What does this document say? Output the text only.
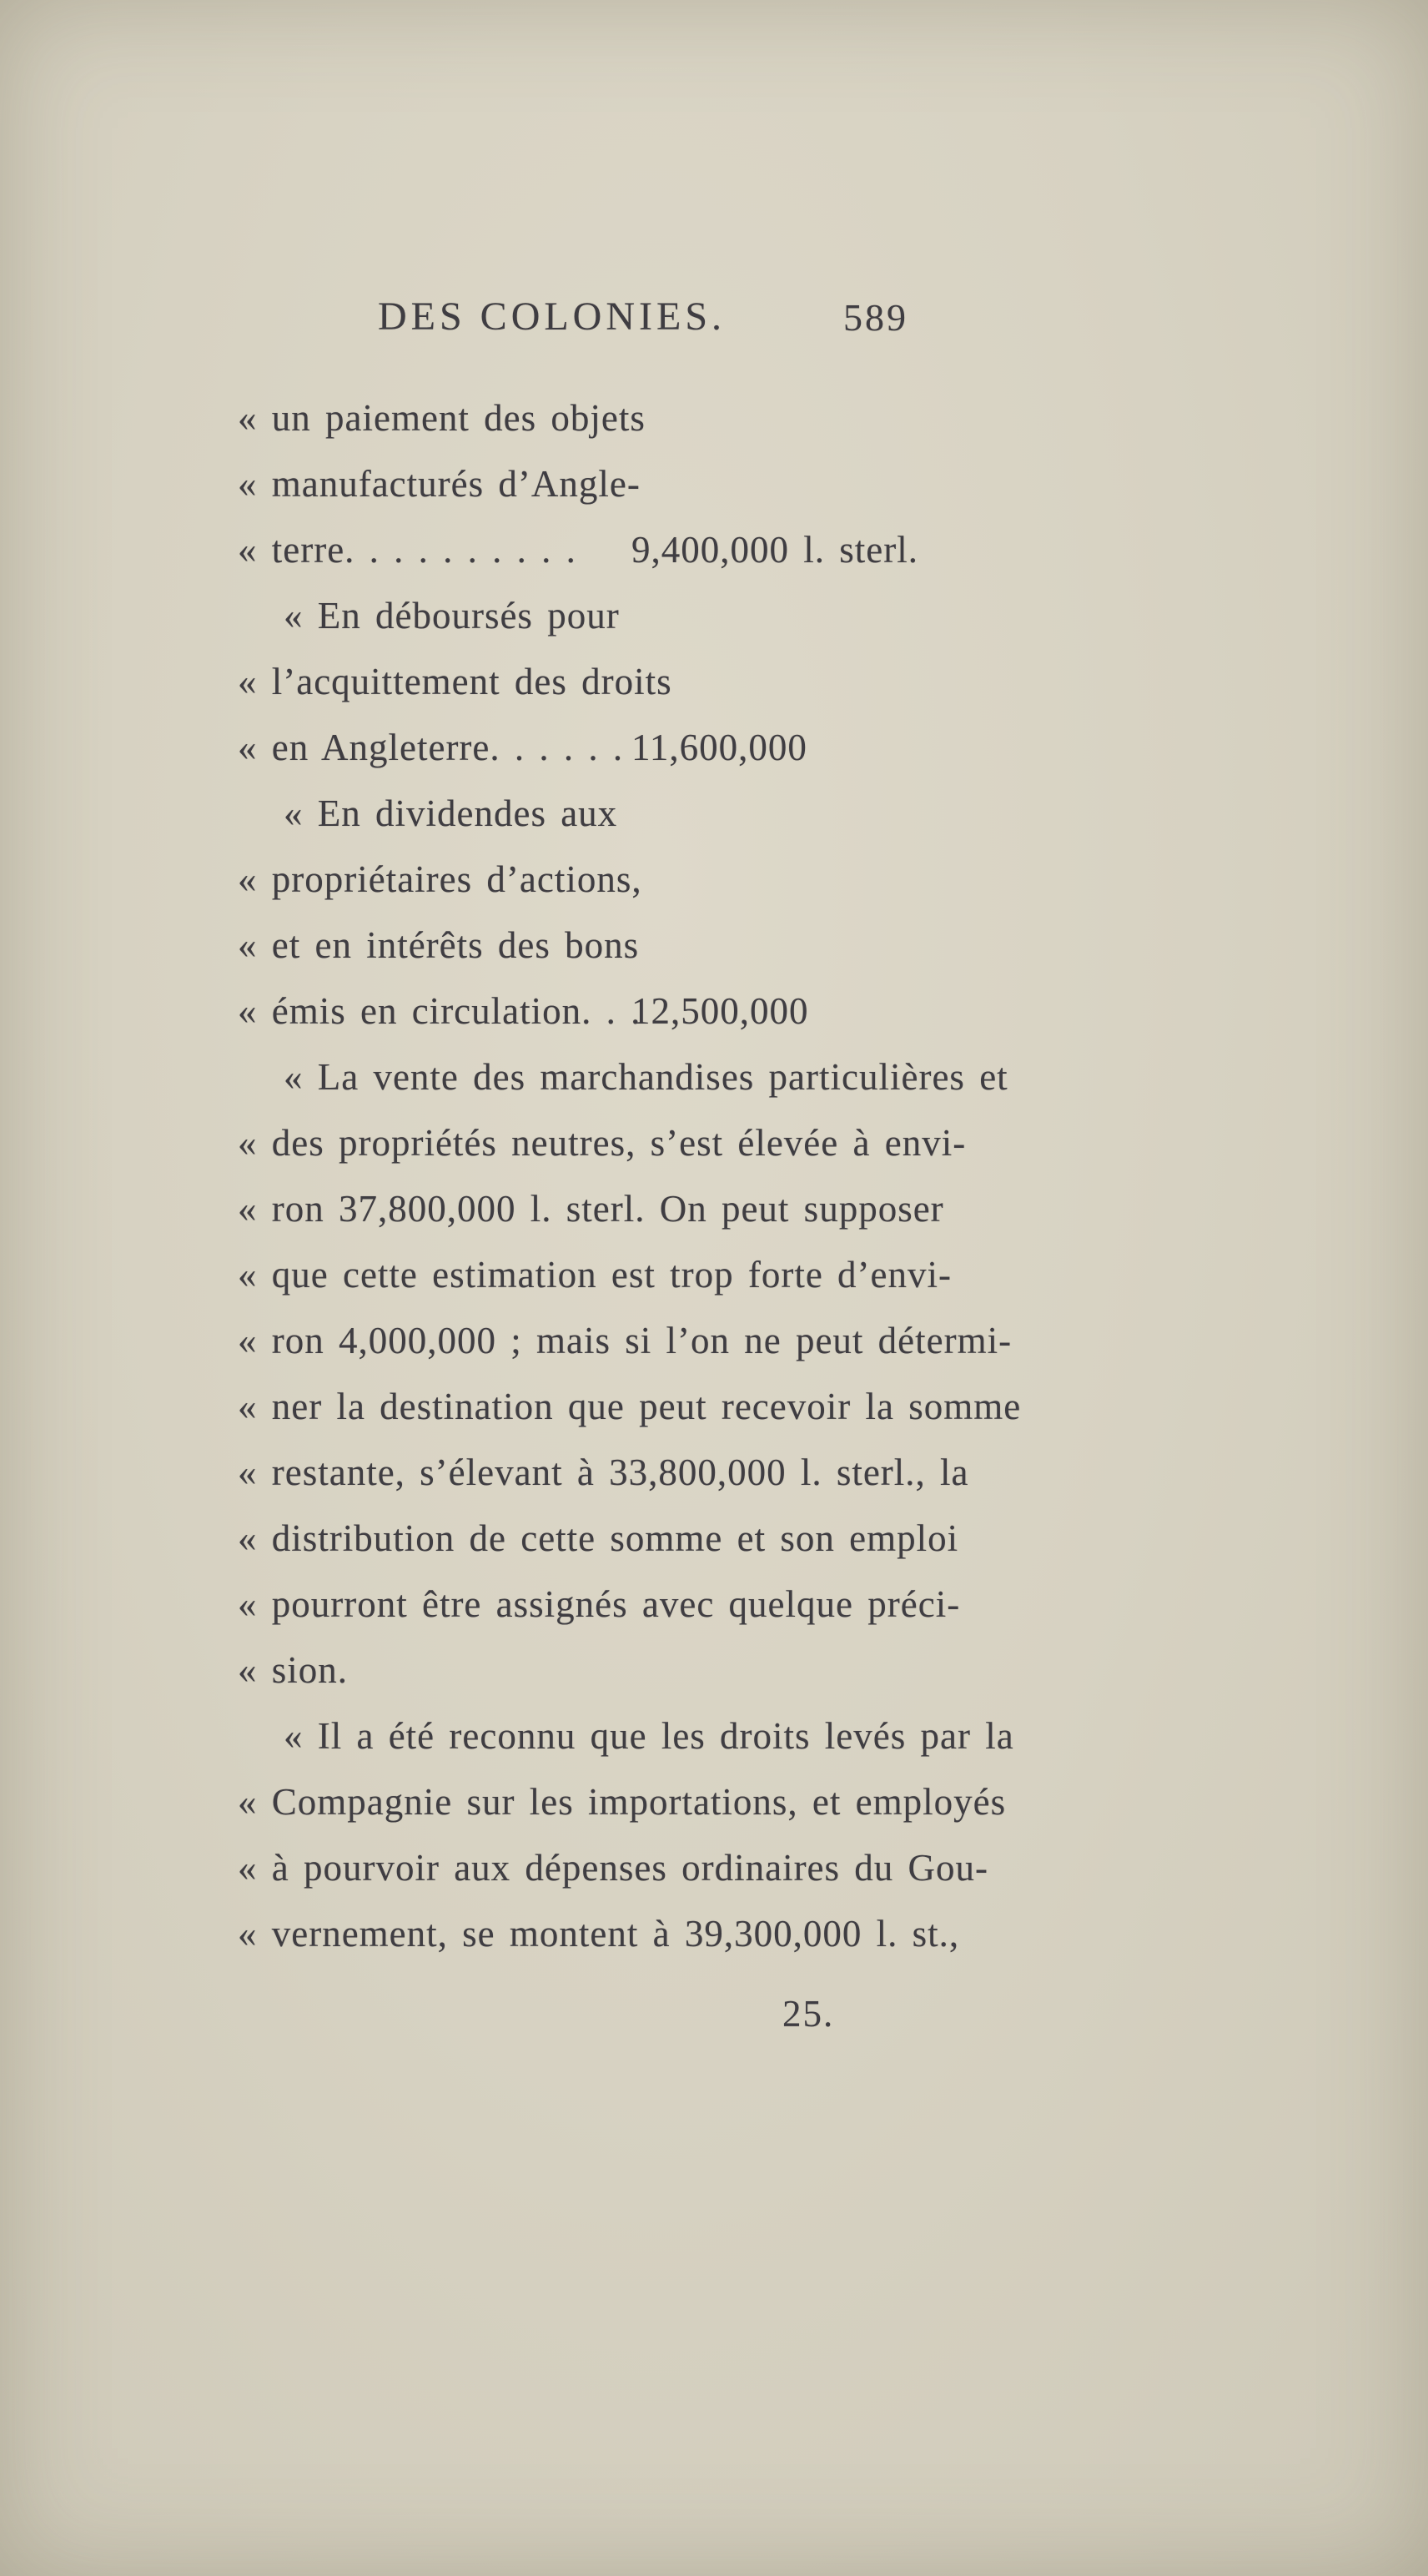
DES COLONIES.	589
« un paiement des objets
« manufacturés d’Angle-
« terre. . . . . . . . . . 9,400,000 l. sterl.
« En déboursés pour
« l’acquittement des droits
« en Angleterre. . . . . . 11,600,000
« En dividendes aux
« propriétaires d’actions,
« et en intérêts des bons
« émis en circulation. . .
12,500,000
« La vente des marchandises particulières et
« des propriétés neutres, s’est élevée à envi-
« ron 37,800,000 l. sterl. On peut supposer
« que cette estimation est trop forte d’envi-
« ron 4,000,000 ; mais si l’on ne peut détermi-
« ner la destination que peut recevoir la somme
« restante, s’élevant à 33,800,000 l. sterl., la
« distribution de cette somme et son emploi
« pourront être assignés avec quelque préci-
« sion.
« Il a été reconnu que les droits levés par la
« Compagnie sur les importations, et employés
« à pourvoir aux dépenses ordinaires du Gou-
« vernement, se montent à 39,300,000 l. st.,
25.
